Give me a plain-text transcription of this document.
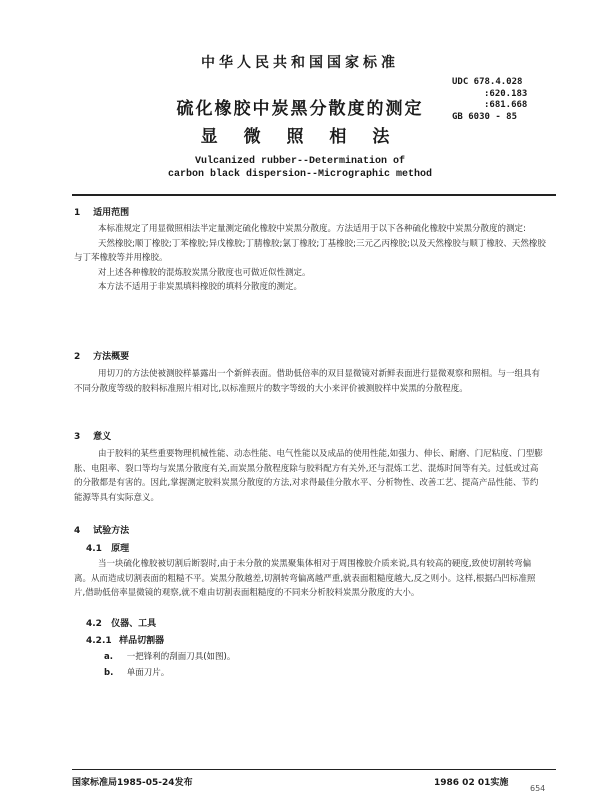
中华人民共和国国家标准
UDC 678.4.028

:620.183
:681.668
GB 6030 - 85
硫化橡胶中炭黑分散度的测定
显 微 照 相 法
Vulcanized rubber--Determination of
carbon black dispersion--Micrographic method
1 适用范围
本标准规定了用显微照相法半定量测定硫化橡胶中炭黑分散度。方法适用于以下各种硫化橡胶中炭黑分散度的测定:
天然橡胶;顺丁橡胶;丁苯橡胶;异戊橡胶;丁腈橡胶;氯丁橡胶;丁基橡胶;三元乙丙橡胶;以及天然橡胶与顺丁橡胶、天然橡胶与丁苯橡胶等并用橡胶。
对上述各种橡胶的混炼胶炭黑分散度也可做近似性测定。
本方法不适用于非炭黑填料橡胶的填料分散度的测定。
2 方法概要
用切刀的方法使被测胶样暴露出一个新鲜表面。借助低倍率的双目显微镜对新鲜表面进行显微观察和照相。与一组具有不同分散度等级的胶料标准照片相对比,以标准照片的数字等级的大小来评价被测胶样中炭黑的分散程度。
3 意义
由于胶料的某些重要物理机械性能、动态性能、电气性能以及成品的使用性能,如强力、伸长、耐磨、门尼粘度、门型膨胀、电阻率、裂口等均与炭黑分散度有关,而炭黑分散程度除与胶料配方有关外,还与混炼工艺、混炼时间等有关。过低或过高的分散都是有害的。因此,掌握测定胶料炭黑分散度的方法,对求得最佳分散水平、分析物性、改善工艺、提高产品性能、节约能源等具有实际意义。
4 试验方法
4.1 原理
当一块硫化橡胶被切割后断裂时,由于未分散的炭黑聚集体相对于周围橡胶介质来说,具有较高的硬度,致使切割转弯偏离。从而造成切割表面的粗糙不平。炭黑分散越差,切割转弯偏离越严重,就表面粗糙度越大,反之则小。这样,根据凸凹标准照片,借助低倍率显微镜的观察,就不难由切割表面粗糙度的不同来分析胶料炭黑分散度的大小。
4.2 仪器、工具
4.2.1 样品切割器
a. 一把锋利的刮面刀具(如图)。
b. 单面刀片。
国家标准局1985-05-24发布	1986 02 01实施
654
